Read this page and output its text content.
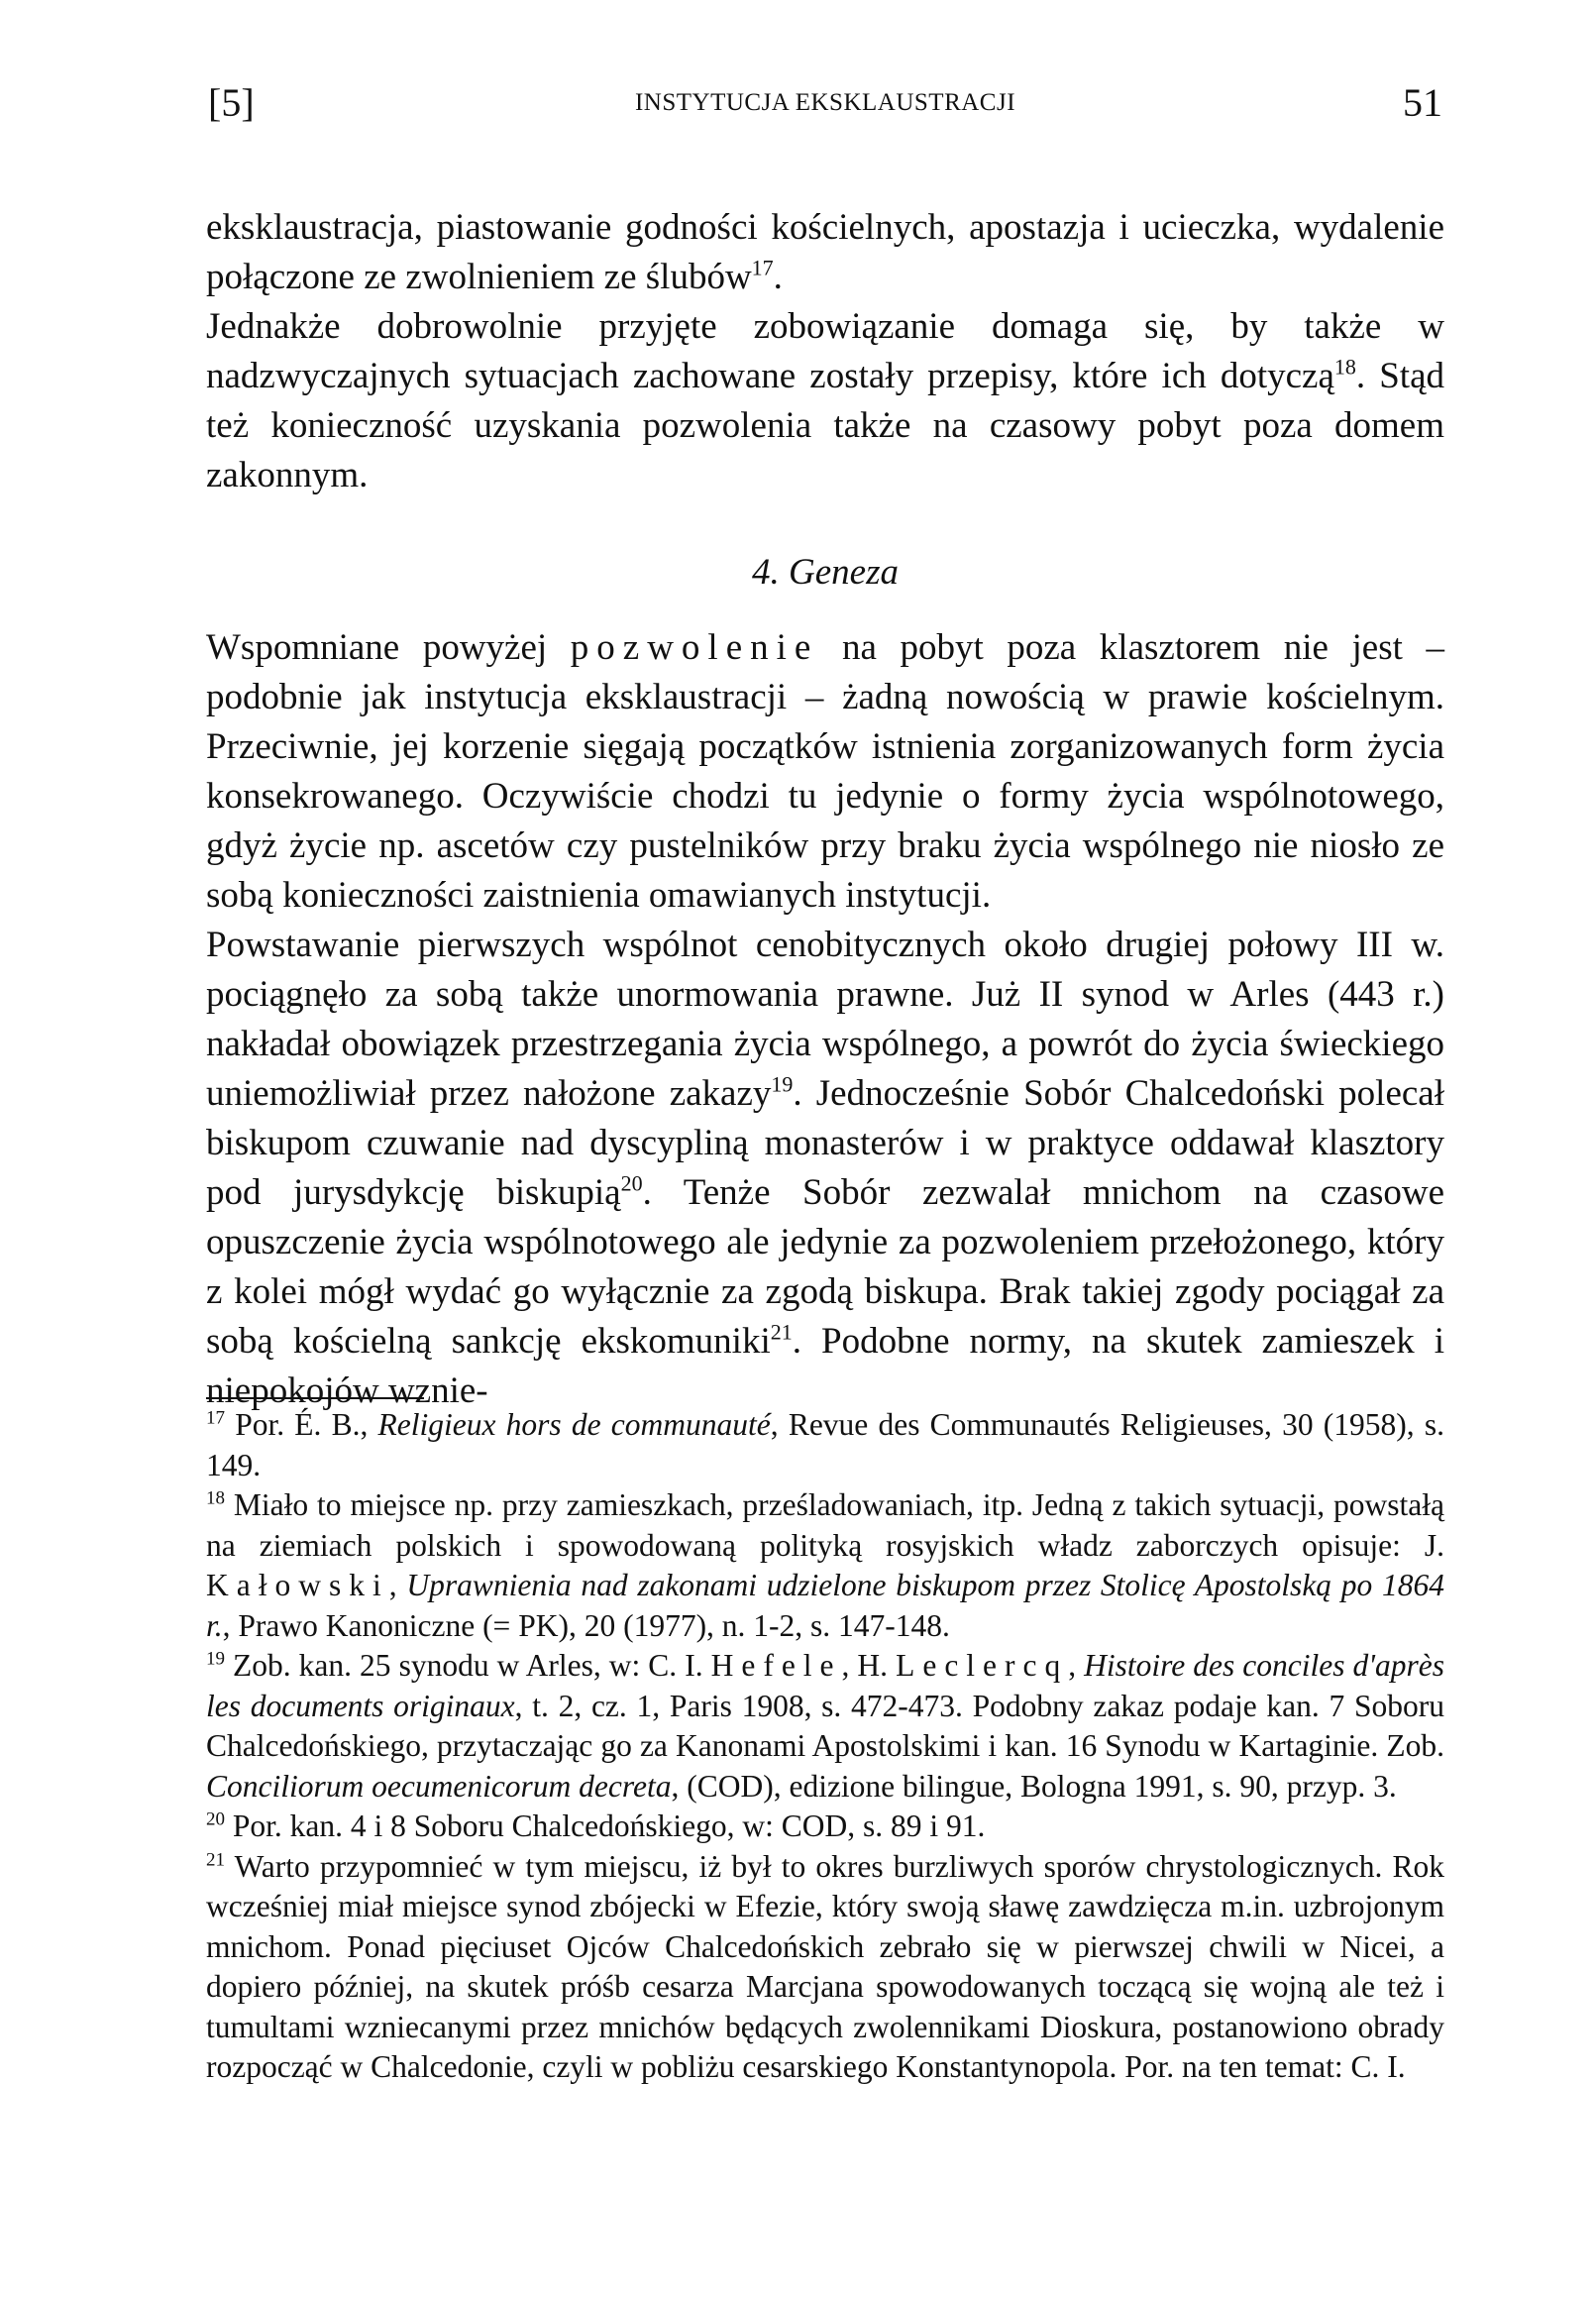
[5]	INSTYTUCJA EKSKLAUSTRACJI	51

eksklaustracja, piastowanie godności kościelnych, apostazja i ucieczka, wydalenie połączone ze zwolnieniem ze ślubów$^{17}$.

Jednakże dobrowolnie przyjęte zobowiązanie domaga się, by także w nadzwyczajnych sytuacjach zachowane zostały przepisy, które ich dotyczą$^{18}$. Stąd też konieczność uzyskania pozwolenia także na czasowy pobyt poza domem zakonnym.

4. Geneza

Wspomniane powyżej pozwolenie na pobyt poza klasztorem nie jest – podobnie jak instytucja eksklaustracji – żadną nowością w prawie kościelnym. Przeciwnie, jej korzenie sięgają początków istnienia zorganizowanych form życia konsekrowanego. Oczywiście chodzi tu jedynie o formy życia wspólnotowego, gdyż życie np. ascetów czy pustelników przy braku życia wspólnego nie niosło ze sobą konieczności zaistnienia omawianych instytucji.

Powstawanie pierwszych wspólnot cenobitycznych około drugiej połowy III w. pociągnęło za sobą także unormowania prawne. Już II synod w Arles (443 r.) nakładał obowiązek przestrzegania życia wspólnego, a powrót do życia świeckiego uniemożliwiał przez nałożone zakazy$^{19}$. Jednocześnie Sobór Chalcedoński polecał biskupom czuwanie nad dyscypliną monasterów i w praktyce oddawał klasztory pod jurysdykcję biskupią$^{20}$. Tenże Sobór zezwalał mnichom na czasowe opuszczenie życia wspólnotowego ale jedynie za pozwoleniem przełożonego, który z kolei mógł wydać go wyłącznie za zgodą biskupa. Brak takiej zgody pociągał za sobą kościelną sankcję ekskomuniki$^{21}$. Podobne normy, na skutek zamieszek i niepokojów wznie-

$^{17}$ Por. É. B., Religieux hors de communauté, Revue des Communautés Religieuses, 30 (1958), s. 149.

$^{18}$ Miało to miejsce np. przy zamieszkach, prześladowaniach, itp. Jedną z takich sytuacji, powstałą na ziemiach polskich i spowodowaną polityką rosyjskich władz zaborczych opisuje: J. Kałowski, Uprawnienia nad zakonami udzielone biskupom przez Stolicę Apostolską po 1864 r., Prawo Kanoniczne (= PK), 20 (1977), n. 1-2, s. 147-148.

$^{19}$ Zob. kan. 25 synodu w Arles, w: C. I. Hefele, H. Leclercq, Histoire des conciles d'après les documents originaux, t. 2, cz. 1, Paris 1908, s. 472-473. Podobny zakaz podaje kan. 7 Soboru Chalcedońskiego, przytaczając go za Kanonami Apostolskimi i kan. 16 Synodu w Kartaginie. Zob. Conciliorum oecumenicorum decreta, (COD), edizione bilingue, Bologna 1991, s. 90, przyp. 3.

$^{20}$ Por. kan. 4 i 8 Soboru Chalcedońskiego, w: COD, s. 89 i 91.

$^{21}$ Warto przypomnieć w tym miejscu, iż był to okres burzliwych sporów chrystologicznych. Rok wcześniej miał miejsce synod zbójecki w Efezie, który swoją sławę zawdzięcza m.in. uzbrojonym mnichom. Ponad pięciuset Ojców Chalcedońskich zebrało się w pierwszej chwili w Nicei, a dopiero później, na skutek próśb cesarza Marcjana spowodowanych toczącą się wojną ale też i tumultami wzniecanymi przez mnichów będących zwolennikami Dioskura, postanowiono obrady rozpocząć w Chalcedonie, czyli w pobliżu cesarskiego Konstantynopola. Por. na ten temat: C. I.
